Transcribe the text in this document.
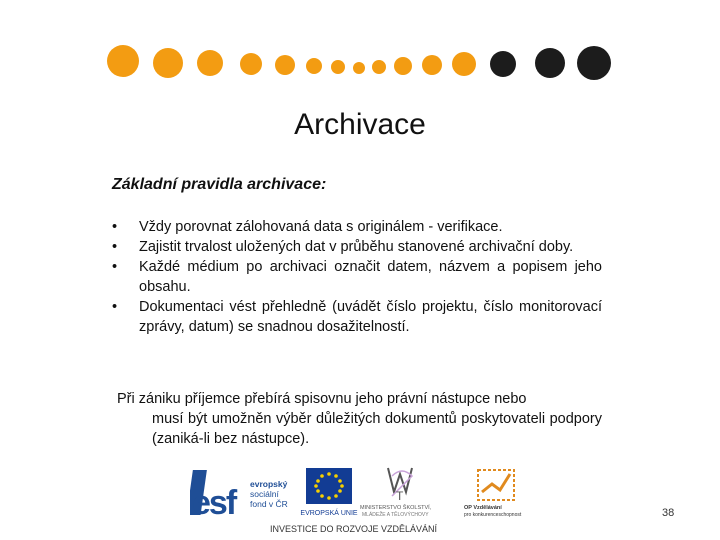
Archivace
Základní pravidla archivace:
• Vždy porovnat zálohovaná data s originálem - verifikace.
• Zajistit trvalost uložených dat v průběhu stanovené archivační doby.
• Každé médium po archivaci označit datem, názvem a popisem jeho obsahu.
• Dokumentaci vést přehledně (uvádět číslo projektu, číslo monitorovací zprávy, datum) se snadnou dosažitelností.
Při zániku příjemce přebírá spisovnu jeho právní nástupce nebo
musí být umožněn výběr důležitých dokumentů poskytovateli podpory (zaniká-li bez nástupce).
esf	evropský
sociální
fond v ČR
EVROPSKÁ UNIE
T
MINISTERSTVO ŠKOLSTVÍ,
MLÁDEŽE A TĚLOVÝCHOVY
OP Vzdělávání
pro konkurenceschopnost
INVESTICE DO ROZVOJE VZDĚLÁVÁNÍ
38
